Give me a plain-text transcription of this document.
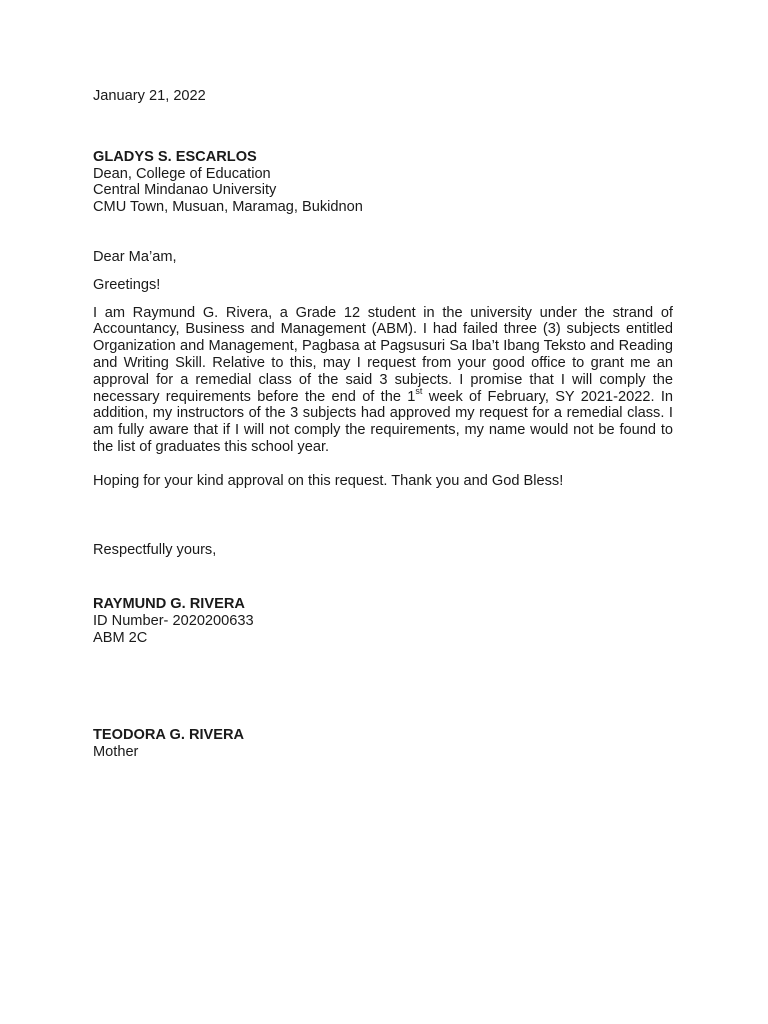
January 21, 2022
GLADYS S. ESCARLOS
Dean, College of Education
Central Mindanao University
CMU Town, Musuan, Maramag, Bukidnon
Dear Ma’am,
Greetings!
I am Raymund G. Rivera, a Grade 12 student in the university under the strand of Accountancy, Business and Management (ABM). I had failed three (3) subjects entitled Organization and Management, Pagbasa at Pagsusuri Sa Iba’t Ibang Teksto and Reading and Writing Skill. Relative to this, may I request from your good office to grant me an approval for a remedial class of the said 3 subjects. I promise that I will comply the necessary requirements before the end of the 1st week of February, SY 2021-2022. In addition, my instructors of the 3 subjects had approved my request for a remedial class. I am fully aware that if I will not comply the requirements, my name would not be found to the list of graduates this school year.
Hoping for your kind approval on this request. Thank you and God Bless!
Respectfully yours,
RAYMUND G. RIVERA
ID Number- 2020200633
ABM 2C
TEODORA G. RIVERA
Mother
